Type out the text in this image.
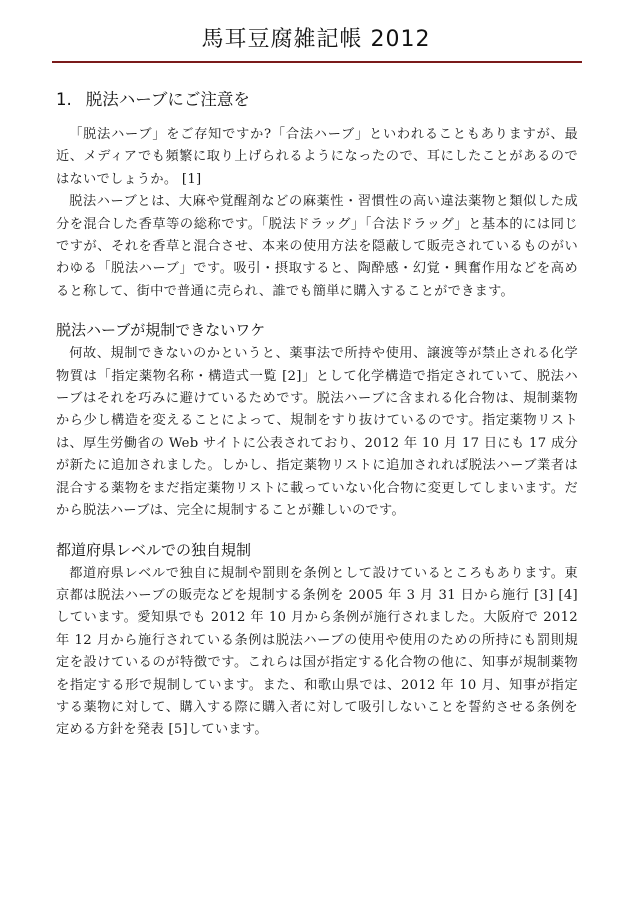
馬耳豆腐雑記帳 2012
1. 脱法ハーブにご注意を

「脱法ハーブ」をご存知ですか?「合法ハーブ」といわれることもありますが、最近、メディアでも頻繁に取り上げられるようになったので、耳にしたことがあるのではないでしょうか。 [1]

脱法ハーブとは、大麻や覚醒剤などの麻薬性・習慣性の高い違法薬物と類似した成分を混合した香草等の総称です。「脱法ドラッグ」「合法ドラッグ」と基本的には同じですが、それを香草と混合させ、本来の使用方法を隠蔽して販売されているものがいわゆる「脱法ハーブ」です。吸引・摂取すると、陶酔感・幻覚・興奮作用などを高めると称して、街中で普通に売られ、誰でも簡単に購入することができます。

脱法ハーブが規制できないワケ

何故、規制できないのかというと、薬事法で所持や使用、譲渡等が禁止される化学物質は「指定薬物名称・構造式一覧 [2]」として化学構造で指定されていて、脱法ハーブはそれを巧みに避けているためです。脱法ハーブに含まれる化合物は、規制薬物から少し構造を変えることによって、規制をすり抜けているのです。指定薬物リストは、厚生労働省の Web サイトに公表されており、2012 年 10 月 17 日にも 17 成分が新たに追加されました。しかし、指定薬物リストに追加されれば脱法ハーブ業者は混合する薬物をまだ指定薬物リストに載っていない化合物に変更してしまいます。だから脱法ハーブは、完全に規制することが難しいのです。

都道府県レベルでの独自規制

都道府県レベルで独自に規制や罰則を条例として設けているところもあります。東京都は脱法ハーブの販売などを規制する条例を 2005 年 3 月 31 日から施行 [3] [4]しています。愛知県でも 2012 年 10 月から条例が施行されました。大阪府で 2012 年 12 月から施行されている条例は脱法ハーブの使用や使用のための所持にも罰則規定を設けているのが特徴です。これらは国が指定する化合物の他に、知事が規制薬物を指定する形で規制しています。また、和歌山県では、2012 年 10 月、知事が指定する薬物に対して、購入する際に購入者に対して吸引しないことを誓約させる条例を定める方針を発表 [5]しています。
